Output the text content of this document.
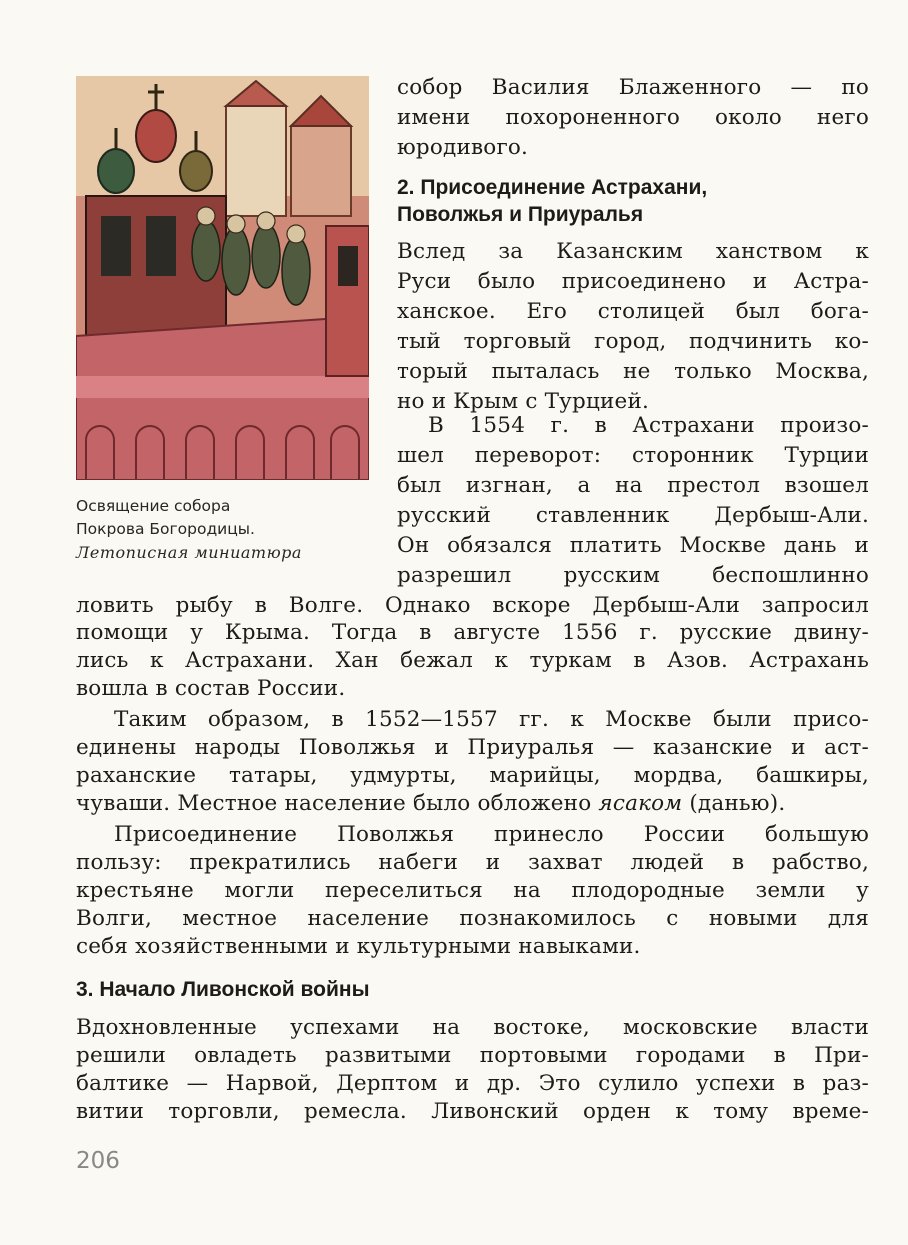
Освящение собора
Покрова Богородицы.
Летописная миниатюра
собор Василия Блаженного — по
имени похороненного около него
юродивого.
2. Присоединение Астрахани,
Поволжья и Приуралья
Вслед за Казанским ханством к
Руси было присоединено и Астра-
ханское. Его столицей был бога-
тый торговый город, подчинить ко-
торый пыталась не только Москва,
но и Крым с Турцией.
В 1554 г. в Астрахани произо-
шел переворот: сторонник Турции
был изгнан, а на престол взошел
русский ставленник Дербыш-Али.
Он обязался платить Москве дань и
разрешил русским беспошлинно
ловить рыбу в Волге. Однако вскоре Дербыш-Али запросил
помощи у Крыма. Тогда в августе 1556 г. русские двину-
лись к Астрахани. Хан бежал к туркам в Азов. Астрахань
вошла в состав России.
Таким образом, в 1552—1557 гг. к Москве были присо-
единены народы Поволжья и Приуралья — казанские и аст-
раханские татары, удмурты, марийцы, мордва, башкиры,
чуваши. Местное население было обложено ясаком (данью).
Присоединение Поволжья принесло России большую
пользу: прекратились набеги и захват людей в рабство,
крестьяне могли переселиться на плодородные земли у
Волги, местное население познакомилось с новыми для
себя хозяйственными и культурными навыками.
3. Начало Ливонской войны
Вдохновленные успехами на востоке, московские власти
решили овладеть развитыми портовыми городами в При-
балтике — Нарвой, Дерптом и др. Это сулило успехи в раз-
витии торговли, ремесла. Ливонский орден к тому време-
206
